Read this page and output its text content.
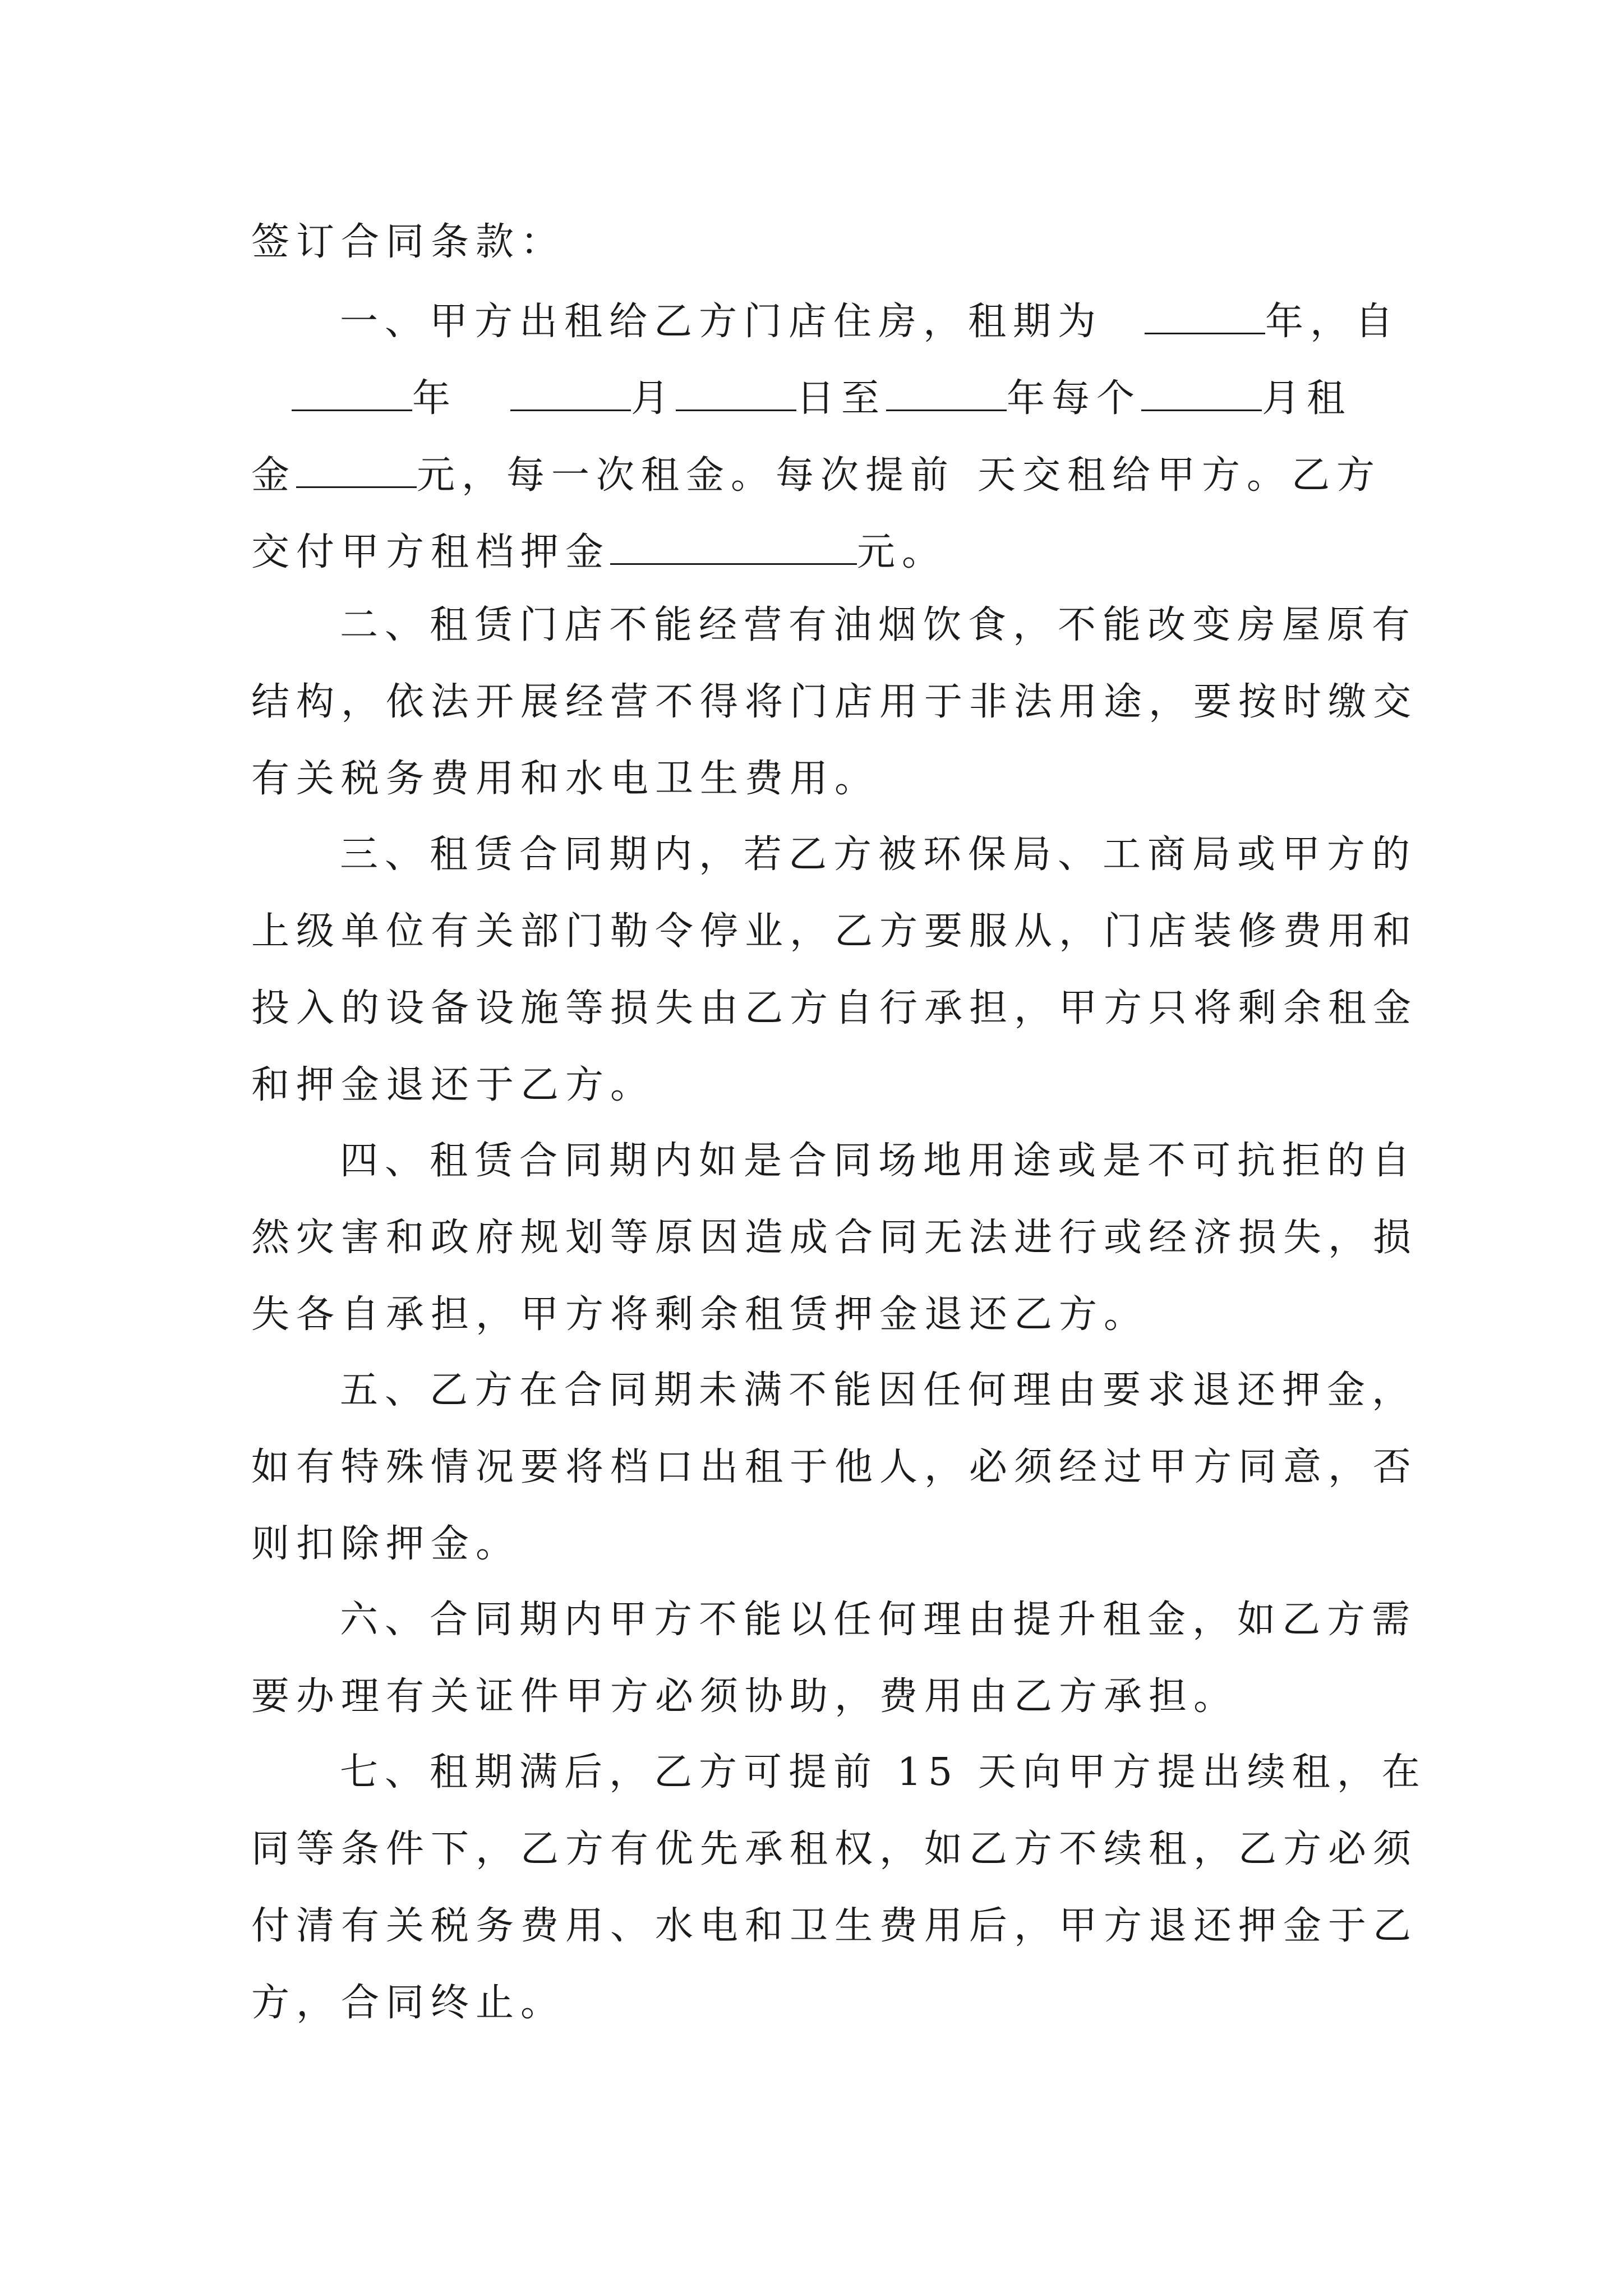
签订合同条款：
一、甲方出租给乙方门店住房，租期为	年，自
年	月	日至	年每个	月租
金	元，每一次租金。每次提前 天交租给甲方。乙方
交付甲方租档押金	元。
二、租赁门店不能经营有油烟饮食，不能改变房屋原有
结构，依法开展经营不得将门店用于非法用途，要按时缴交
有关税务费用和水电卫生费用。
三、租赁合同期内，若乙方被环保局、工商局或甲方的
上级单位有关部门勒令停业，乙方要服从，门店装修费用和
投入的设备设施等损失由乙方自行承担，甲方只将剩余租金
和押金退还于乙方。
四、租赁合同期内如是合同场地用途或是不可抗拒的自
然灾害和政府规划等原因造成合同无法进行或经济损失，损
失各自承担，甲方将剩余租赁押金退还乙方。
五、乙方在合同期未满不能因任何理由要求退还押金，
如有特殊情况要将档口出租于他人，必须经过甲方同意，否
则扣除押金。
六、合同期内甲方不能以任何理由提升租金，如乙方需
要办理有关证件甲方必须协助，费用由乙方承担。
七、租期满后，乙方可提前 15 天向甲方提出续租，在
同等条件下，乙方有优先承租权，如乙方不续租，乙方必须
付清有关税务费用、水电和卫生费用后，甲方退还押金于乙
方，合同终止。
